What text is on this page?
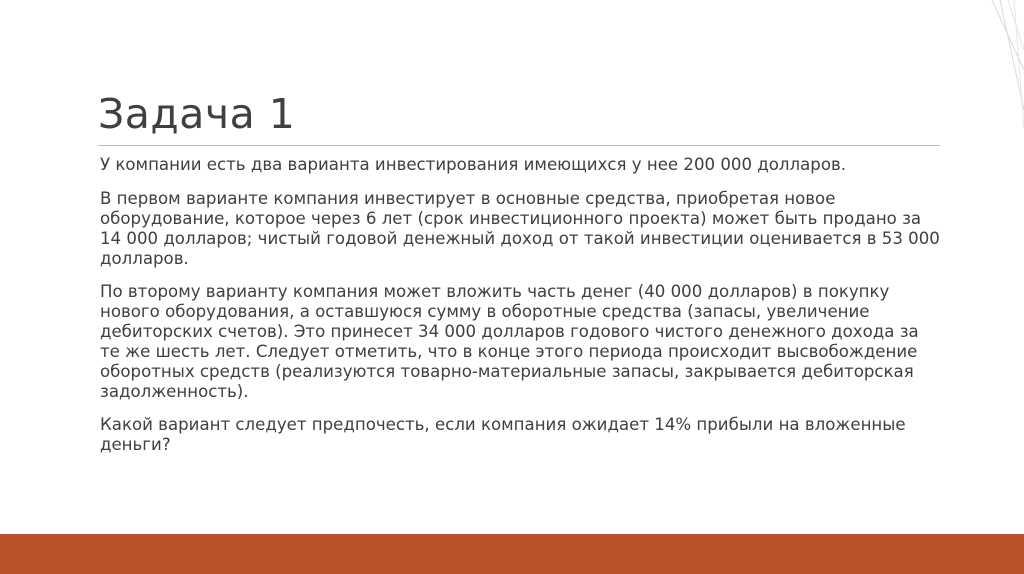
Задача 1

У компании есть два варианта инвестирования имеющихся у нее 200 000 долларов.

В первом варианте компания инвестирует в основные средства, приобретая новое оборудование, которое через 6 лет (срок инвестиционного проекта) может быть продано за 14 000 долларов; чистый годовой денежный доход от такой инвестиции оценивается в 53 000 долларов.

По второму варианту компания может вложить часть денег (40 000 долларов) в покупку нового оборудования, а оставшуюся сумму в оборотные средства (запасы, увеличение дебиторских счетов). Это принесет 34 000 долларов годового чистого денежного дохода за те же шесть лет. Следует отметить, что в конце этого периода происходит высвобождение оборотных средств (реализуются товарно-материальные запасы, закрывается дебиторская задолженность).

Какой вариант следует предпочесть, если компания ожидает 14% прибыли на вложенные деньги?
